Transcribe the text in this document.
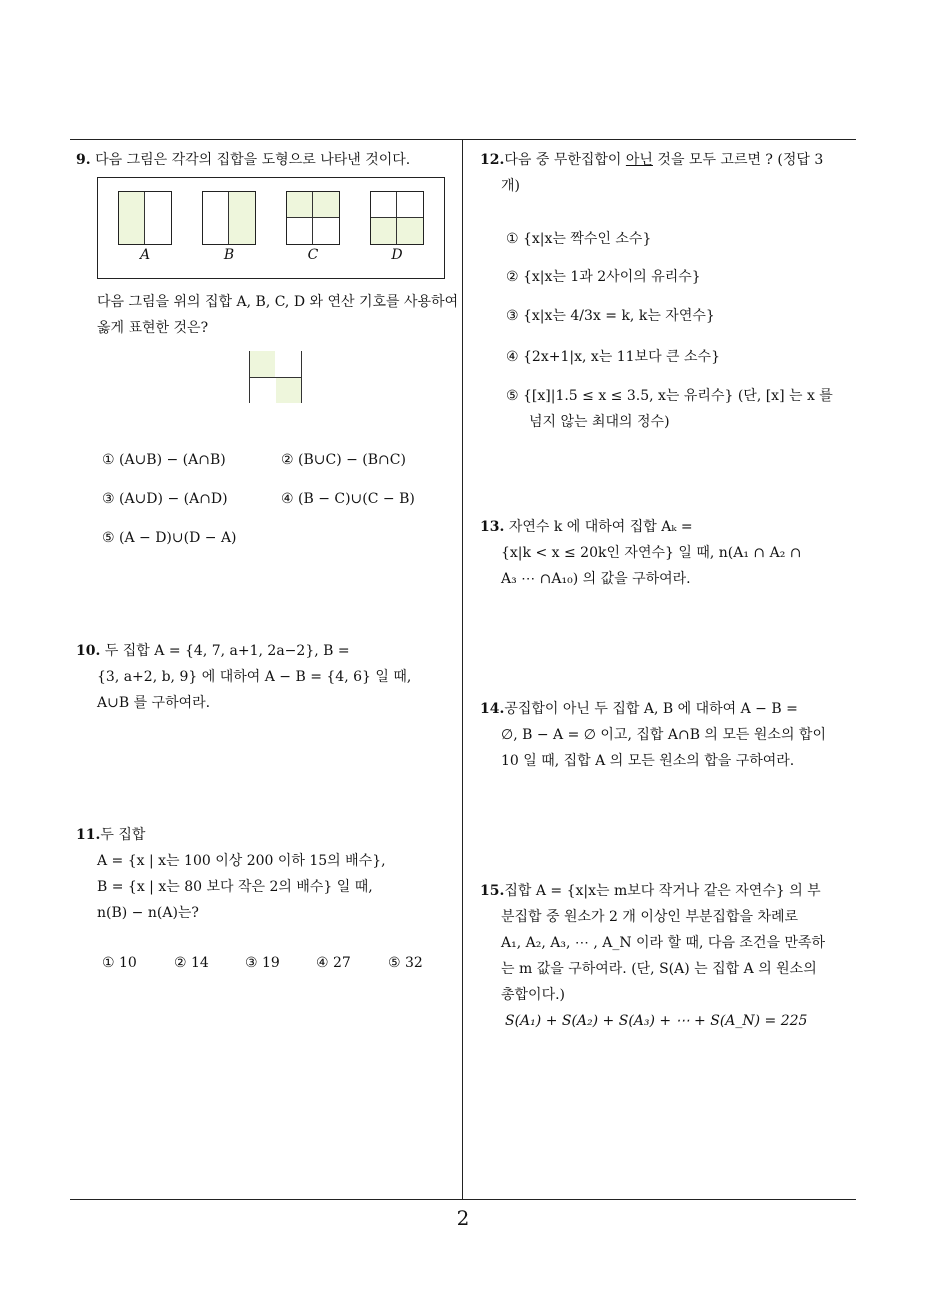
9. 다음 그림은 각각의 집합을 도형으로 나타낸 것이다.
A	B	C	D
다음 그림을 위의 집합 A, B, C, D 와 연산 기호를 사용하여 옳게 표현한 것은?
① (A∪B) − (A∩B)	② (B∪C) − (B∩C)
③ (A∪D) − (A∩D)	④ (B − C)∪(C − B)
⑤ (A − D)∪(D − A)
10. 두 집합 A = {4, 7, a+1, 2a−2}, B =
{3, a+2, b, 9} 에 대하여 A − B = {4, 6} 일 때,
A∪B 를 구하여라.
11.두 집합
A = {x | x는 100 이상 200 이하 15의 배수},
B = {x | x는 80 보다 작은 2의 배수} 일 때,
n(B) − n(A)는?
① 10	② 14	③ 19	④ 27	⑤ 32
12.다음 중 무한집합이 아닌 것을 모두 고르면 ? (정답 3
개)
① {x|x는 짝수인 소수}
② {x|x는 1과 2사이의 유리수}
③ {x|x는 4/3x = k, k는 자연수}
④ {2x+1|x, x는 11보다 큰 소수}
⑤ {[x]|1.5 ≤ x ≤ 3.5, x는 유리수} (단, [x] 는 x 를
넘지 않는 최대의 정수)
13. 자연수 k 에 대하여 집합 Aₖ =
{x|k < x ≤ 20k인 자연수} 일 때, n(A₁ ∩ A₂ ∩
A₃ ⋯ ∩A₁₀) 의 값을 구하여라.
14.공집합이 아닌 두 집합 A, B 에 대하여 A − B =
∅, B − A = ∅ 이고, 집합 A∩B 의 모든 원소의 합이
10 일 때, 집합 A 의 모든 원소의 합을 구하여라.
15.집합 A = {x|x는 m보다 작거나 같은 자연수} 의 부
분집합 중 원소가 2 개 이상인 부분집합을 차례로
A₁, A₂, A₃, ⋯ , A_N 이라 할 때, 다음 조건을 만족하
는 m 값을 구하여라. (단, S(A) 는 집합 A 의 원소의
총합이다.)
S(A₁) + S(A₂) + S(A₃) + ⋯ + S(A_N) = 225
2
